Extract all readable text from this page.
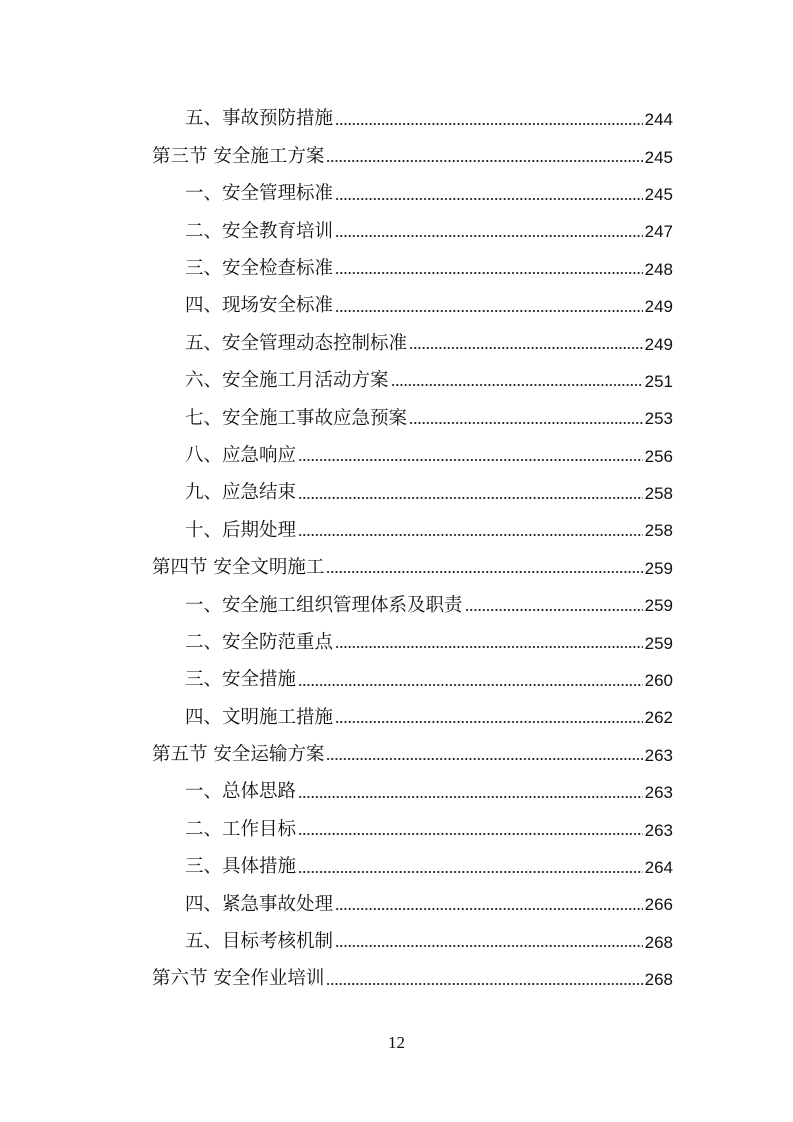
五、事故预防措施	244
第三节 安全施工方案	245
一、安全管理标准	245
二、安全教育培训	247
三、安全检查标准	248
四、现场安全标准	249
五、安全管理动态控制标准	249
六、安全施工月活动方案	251
七、安全施工事故应急预案	253
八、应急响应	256
九、应急结束	258
十、后期处理	258
第四节 安全文明施工	259
一、安全施工组织管理体系及职责	259
二、安全防范重点	259
三、安全措施	260
四、文明施工措施	262
第五节 安全运输方案	263
一、总体思路	263
二、工作目标	263
三、具体措施	264
四、紧急事故处理	266
五、目标考核机制	268
第六节 安全作业培训	268
12
